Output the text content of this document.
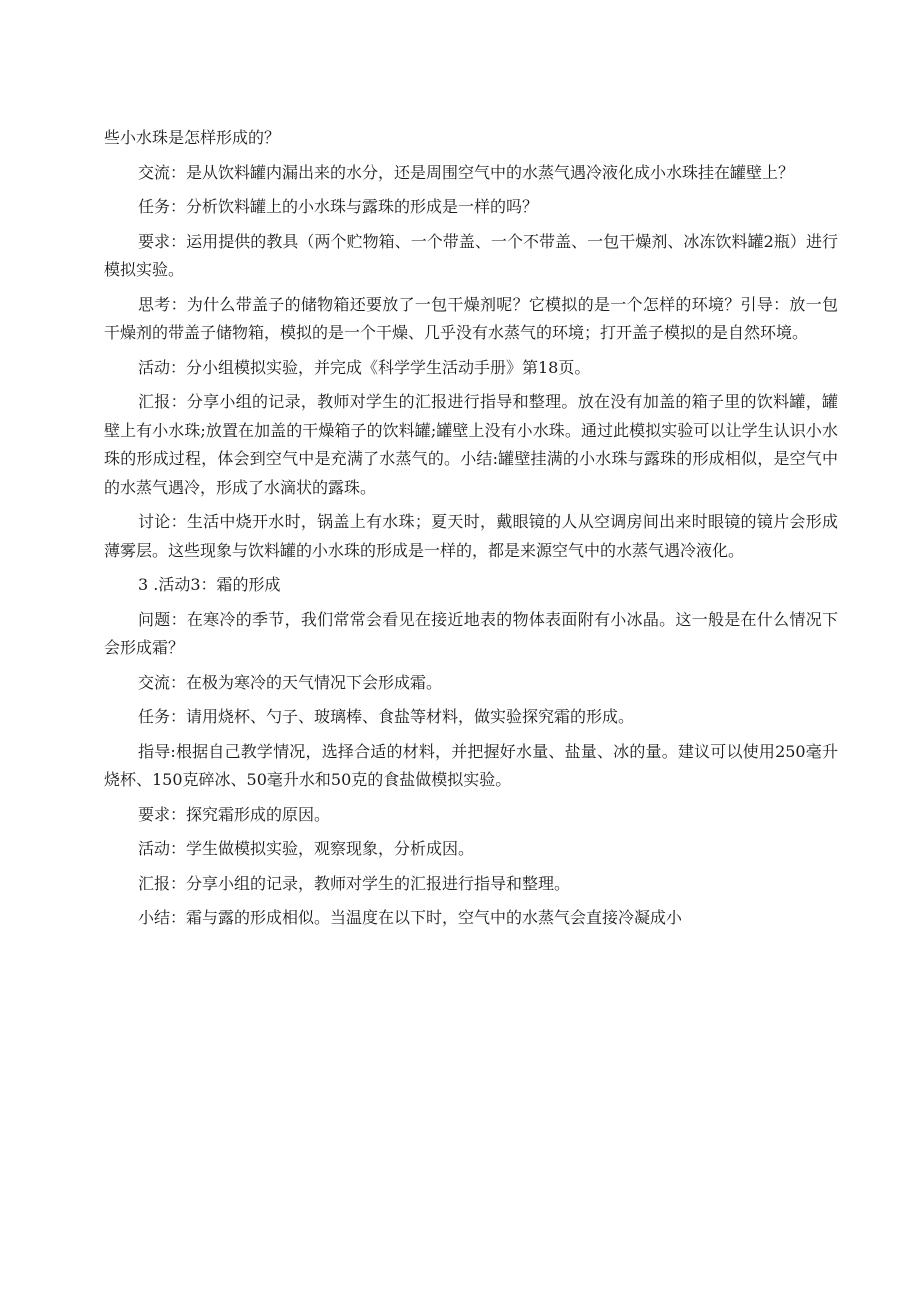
些小水珠是怎样形成的？

交流：是从饮料罐内漏出来的水分，还是周围空气中的水蒸气遇冷液化成小水珠挂在罐壁上？

任务：分析饮料罐上的小水珠与露珠的形成是一样的吗？

要求：运用提供的教具（两个贮物箱、一个带盖、一个不带盖、一包干燥剂、冰冻饮料罐2瓶）进行模拟实验。

思考：为什么带盖子的储物箱还要放了一包干燥剂呢？它模拟的是一个怎样的环境？引导：放一包干燥剂的带盖子储物箱，模拟的是一个干燥、几乎没有水蒸气的环境；打开盖子模拟的是自然环境。

活动：分小组模拟实验，并完成《科学学生活动手册》第18页。

汇报：分享小组的记录，教师对学生的汇报进行指导和整理。放在没有加盖的箱子里的饮料罐，罐壁上有小水珠;放置在加盖的干燥箱子的饮料罐;罐壁上没有小水珠。通过此模拟实验可以让学生认识小水珠的形成过程，体会到空气中是充满了水蒸气的。小结:罐壁挂满的小水珠与露珠的形成相似，是空气中的水蒸气遇冷，形成了水滴状的露珠。

讨论：生活中烧开水时，锅盖上有水珠；夏天时，戴眼镜的人从空调房间出来时眼镜的镜片会形成薄雾层。这些现象与饮料罐的小水珠的形成是一样的，都是来源空气中的水蒸气遇冷液化。

3 .活动3：霜的形成

问题：在寒冷的季节，我们常常会看见在接近地表的物体表面附有小冰晶。这一般是在什么情况下会形成霜？

交流：在极为寒冷的天气情况下会形成霜。

任务：请用烧杯、勺子、玻璃棒、食盐等材料，做实验探究霜的形成。

指导:根据自己教学情况，选择合适的材料，并把握好水量、盐量、冰的量。建议可以使用250毫升烧杯、150克碎冰、50毫升水和50克的食盐做模拟实验。

要求：探究霜形成的原因。

活动：学生做模拟实验，观察现象，分析成因。

汇报：分享小组的记录，教师对学生的汇报进行指导和整理。

小结：霜与露的形成相似。当温度在以下时，空气中的水蒸气会直接冷凝成小
